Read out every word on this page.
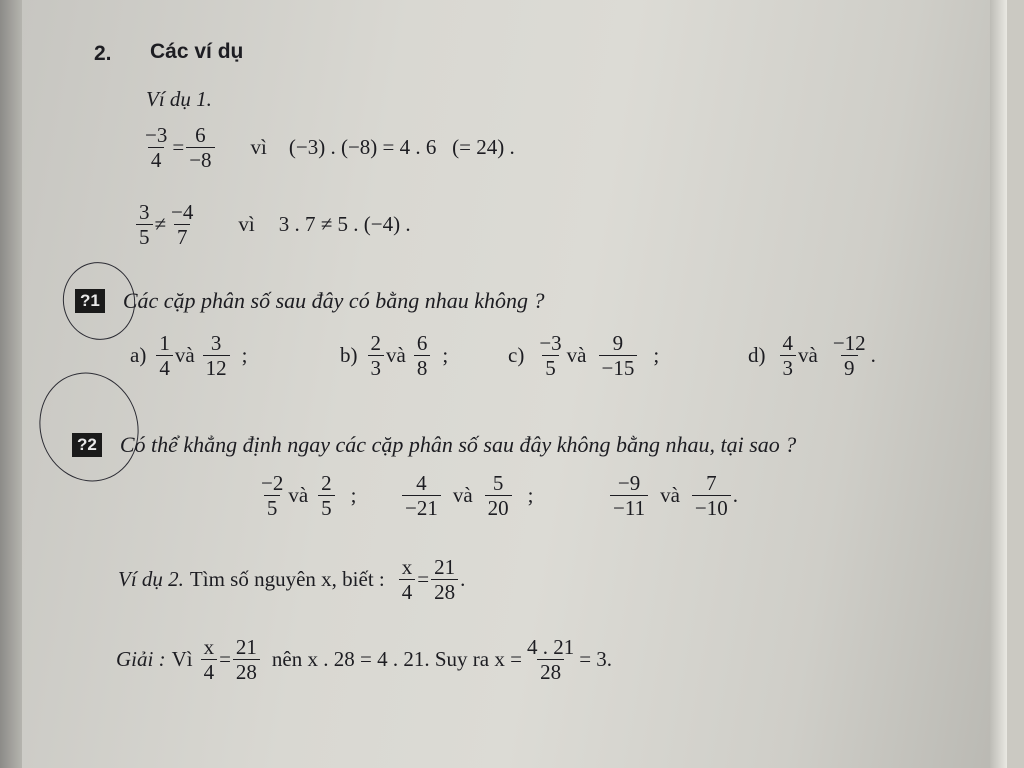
2. Các ví dụ
Ví dụ 1.
$\frac{-3}{4} = \frac{6}{-8}$ vì (−3) . (−8) = 4 . 6   (= 24) .
$\frac{3}{5} \ne \frac{-4}{7}$ vì 3 . 7 ≠ 5 . (−4) .
?1 Các cặp phân số sau đây có bằng nhau không ?
$a) \frac{1}{4}$ và $\frac{3}{12}$ ;	$b) \frac{2}{3}$ và $\frac{6}{8}$ ;	$c) \frac{-3}{5}$ và $\frac{9}{-15}$ ;	$d) \frac{4}{3}$ và $\frac{-12}{9}$ .
?2 Có thể khẳng định ngay các cặp phân số sau đây không bằng nhau, tại sao ?
$\frac{-2}{5}$ và $\frac{2}{5}$ ; $\frac{4}{-21}$ và $\frac{5}{20}$ ;	$\frac{-9}{-11}$ và $\frac{7}{-10}$ .
Ví dụ 2. Tìm số nguyên x, biết : $\frac{x}{4} = \frac{21}{28}$ .
Giải : Vì $\frac{x}{4} = \frac{21}{28}$ nên x . 28 = 4 . 21. Suy ra $x = \frac{4 . 21}{28} = 3$.
